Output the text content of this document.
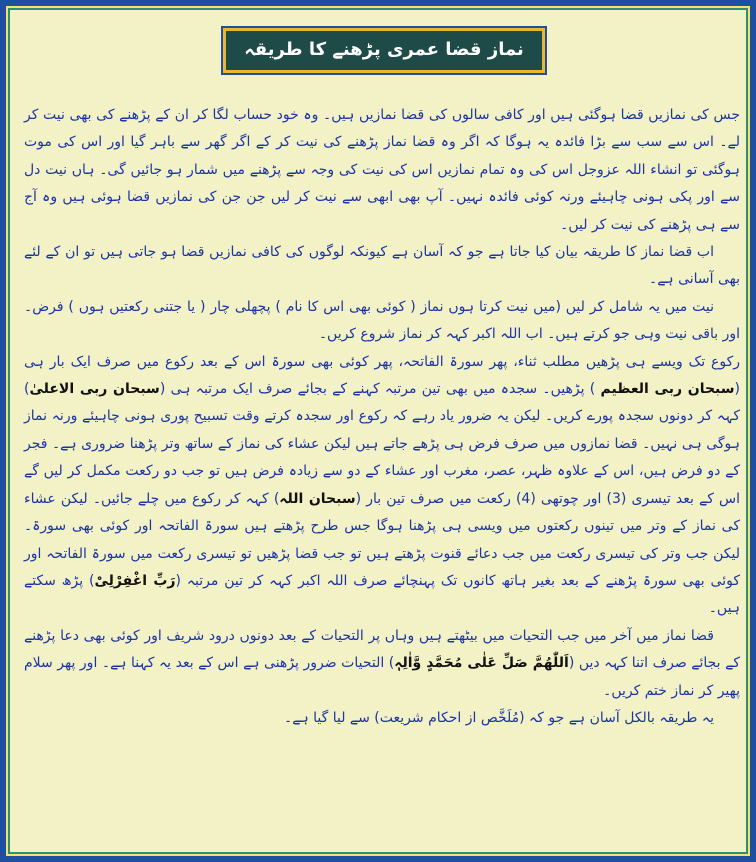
نماز قضا عمری پڑھنے کا طریقہ

جس کی نمازیں قضا ہوگئی ہیں اور کافی سالوں کی قضا نمازیں ہیں۔ وہ خود حساب لگا کر ان کے پڑھنے کی بھی نیت کر لے۔ اس سے سب سے بڑا فائدہ یہ ہوگا کہ اگر وہ قضا نماز پڑھنے کی نیت کر کے اگر گھر سے باہر گیا اور اس کی موت ہوگئی تو انشاء اللہ عزوجل اس کی وہ تمام نمازیں اس کی نیت کی وجہ سے پڑھنے میں شمار ہو جائیں گی۔ ہاں نیت دل سے اور پکی ہونی چاہیئے ورنہ کوئی فائدہ نہیں۔ آپ بھی ابھی سے نیت کر لیں جن جن کی نمازیں قضا ہوئی ہیں وہ آج سے ہی پڑھنے کی نیت کر لیں۔

اب قضا نماز کا طریقہ بیان کیا جاتا ہے جو کہ آسان ہے کیونکہ لوگوں کی کافی نمازیں قضا ہو جاتی ہیں تو ان کے لئے بھی آسانی ہے۔

نیت میں یہ شامل کر لیں (میں نیت کرتا ہوں نماز ( کوئی بھی اس کا نام ) پچھلی چار ( یا جتنی رکعتیں ہوں ) فرض۔ اور باقی نیت وہی جو کرتے ہیں۔ اب اللہ اکبر کہہ کر نماز شروع کریں۔

رکوع تک ویسے ہی پڑھیں مطلب ثناء، پھر سورۃ الفاتحہ، پھر کوئی بھی سورۃ اس کے بعد رکوع میں صرف ایک بار ہی (سبحان ربی العظیم ) پڑھیں۔ سجدہ میں بھی تین مرتبہ کہنے کے بجائے صرف ایک مرتبہ ہی (سبحان ربی الاعلیٰ) کہہ کر دونوں سجدہ پورے کریں۔ لیکن یہ ضرور یاد رہے کہ رکوع اور سجدہ کرتے وقت تسبیح پوری ہونی چاہیئے ورنہ نماز ہوگی ہی نہیں۔ قضا نمازوں میں صرف فرض ہی پڑھے جاتے ہیں لیکن عشاء کی نماز کے ساتھ وتر پڑھنا ضروری ہے۔ فجر کے دو فرض ہیں، اس کے علاوہ ظہر، عصر، مغرب اور عشاء کے دو سے زیادہ فرض ہیں تو جب دو رکعت مکمل کر لیں گے اس کے بعد تیسری (3) اور چوتھی (4) رکعت میں صرف تین بار (سبحان اللہ) کہہ کر رکوع میں چلے جائیں۔ لیکن عشاء کی نماز کے وتر میں تینوں رکعتوں میں ویسی ہی پڑھنا ہوگا جس طرح پڑھتے ہیں سورۃ الفاتحہ اور کوئی بھی سورۃ۔ لیکن جب وتر کی تیسری رکعت میں جب دعائے قنوت پڑھتے ہیں تو جب قضا پڑھیں تو تیسری رکعت میں سورۃ الفاتحہ اور کوئی بھی سورۃ پڑھنے کے بعد بغیر ہاتھ کانوں تک پہنچائے صرف اللہ اکبر کہہ کر تین مرتبہ (رَبِّ اغْفِرْلِیْ) پڑھ سکتے ہیں۔

قضا نماز میں آخر میں جب التحیات میں بیٹھتے ہیں وہاں پر التحیات کے بعد دونوں درود شریف اور کوئی بھی دعا پڑھنے کے بجائے صرف اتنا کہہ دیں (اَللّٰھُمَّ صَلِّ عَلٰی مُحَمَّدٍ وَّاٰلِہٖ) التحیات ضرور پڑھنی ہے اس کے بعد یہ کہنا ہے۔ اور پھر سلام پھیر کر نماز ختم کریں۔

یہ طریقہ بالکل آسان ہے جو کہ (مُلَخَّص از احکام شریعت) سے لیا گیا ہے۔
